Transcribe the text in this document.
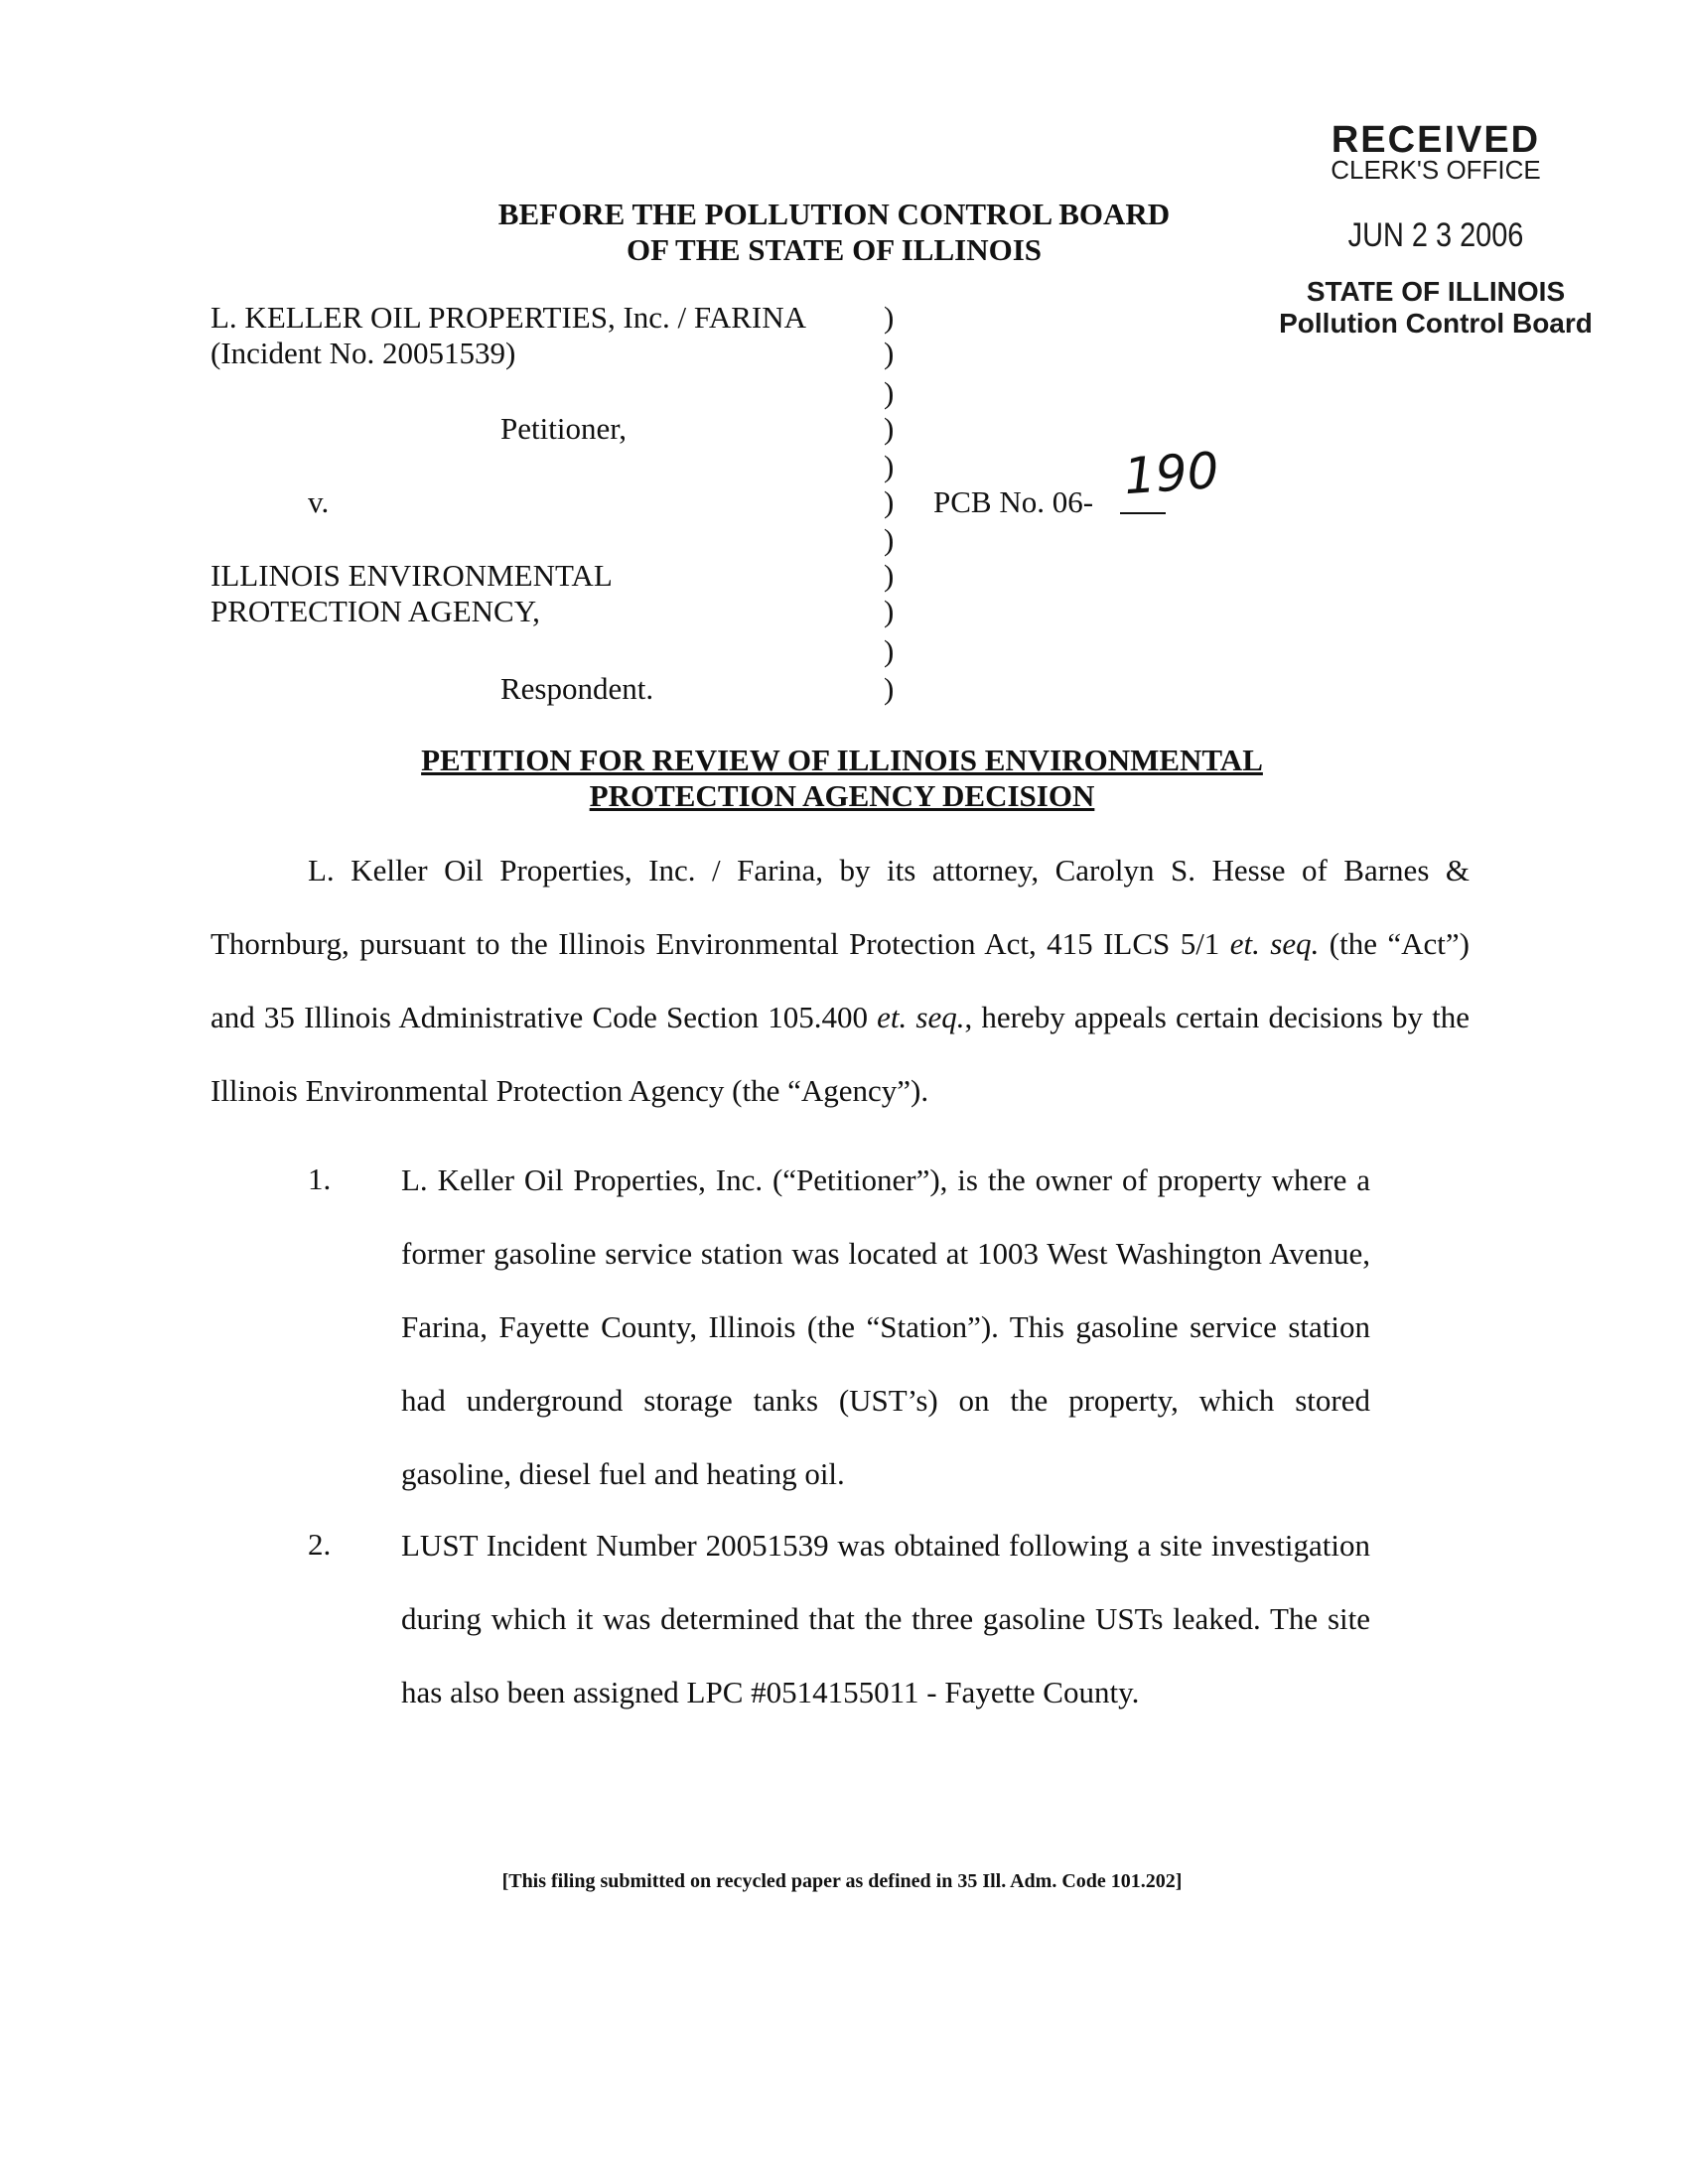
RECEIVED
CLERK'S OFFICE
JUN 2 3 2006
STATE OF ILLINOIS
Pollution Control Board
BEFORE THE POLLUTION CONTROL BOARD
OF THE STATE OF ILLINOIS
L. KELLER OIL PROPERTIES, Inc. / FARINA
(Incident No. 20051539)
Petitioner,
v.
ILLINOIS ENVIRONMENTAL
PROTECTION AGENCY,
Respondent.
)
)
)
)
)
)
)
)
)
)
)
PCB No. 06- 190
PETITION FOR REVIEW OF ILLINOIS ENVIRONMENTAL
PROTECTION AGENCY DECISION
L. Keller Oil Properties, Inc. / Farina, by its attorney, Carolyn S. Hesse of Barnes & Thornburg, pursuant to the Illinois Environmental Protection Act, 415 ILCS 5/1 et. seq. (the “Act”) and 35 Illinois Administrative Code Section 105.400 et. seq., hereby appeals certain decisions by the Illinois Environmental Protection Agency (the “Agency”).
1. L. Keller Oil Properties, Inc. (“Petitioner”), is the owner of property where a former gasoline service station was located at 1003 West Washington Avenue, Farina, Fayette County, Illinois (the “Station”). This gasoline service station had underground storage tanks (UST’s) on the property, which stored gasoline, diesel fuel and heating oil.
2. LUST Incident Number 20051539 was obtained following a site investigation during which it was determined that the three gasoline USTs leaked. The site has also been assigned LPC #0514155011 - Fayette County.
[This filing submitted on recycled paper as defined in 35 Ill. Adm. Code 101.202]
